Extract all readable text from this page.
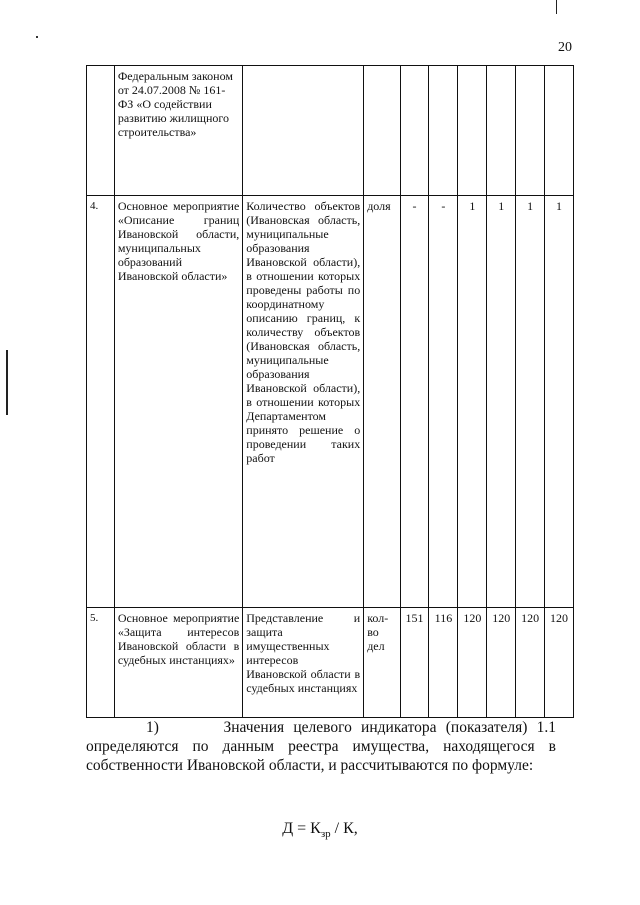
20
	Федеральным законом от 24.07.2008 № 161-ФЗ «О содействии развитию жилищного строительства»								
4.	Основное мероприятие «Описание границ Ивановской области, муниципальных образований Ивановской области»	Количество объектов (Ивановская область, муниципальные образования Ивановской области), в отношении которых проведены работы по координатному описанию границ, к количеству объектов (Ивановская область, муниципальные образования Ивановской области), в отношении которых Департаментом принято решение о проведении таких работ	доля	-	-	1	1	1	1
5.	Основное мероприятие «Защита интересов Ивановской области в судебных инстанциях»	Представление и защита имущественных интересов Ивановской области в судебных инстанциях	кол-во дел	151	116	120	120	120	120
1)	Значения целевого индикатора (показателя) 1.1 определяются по данным реестра имущества, находящегося в собственности Ивановской области, и рассчитываются по формуле:
$Д = К_{зр} / К$,
